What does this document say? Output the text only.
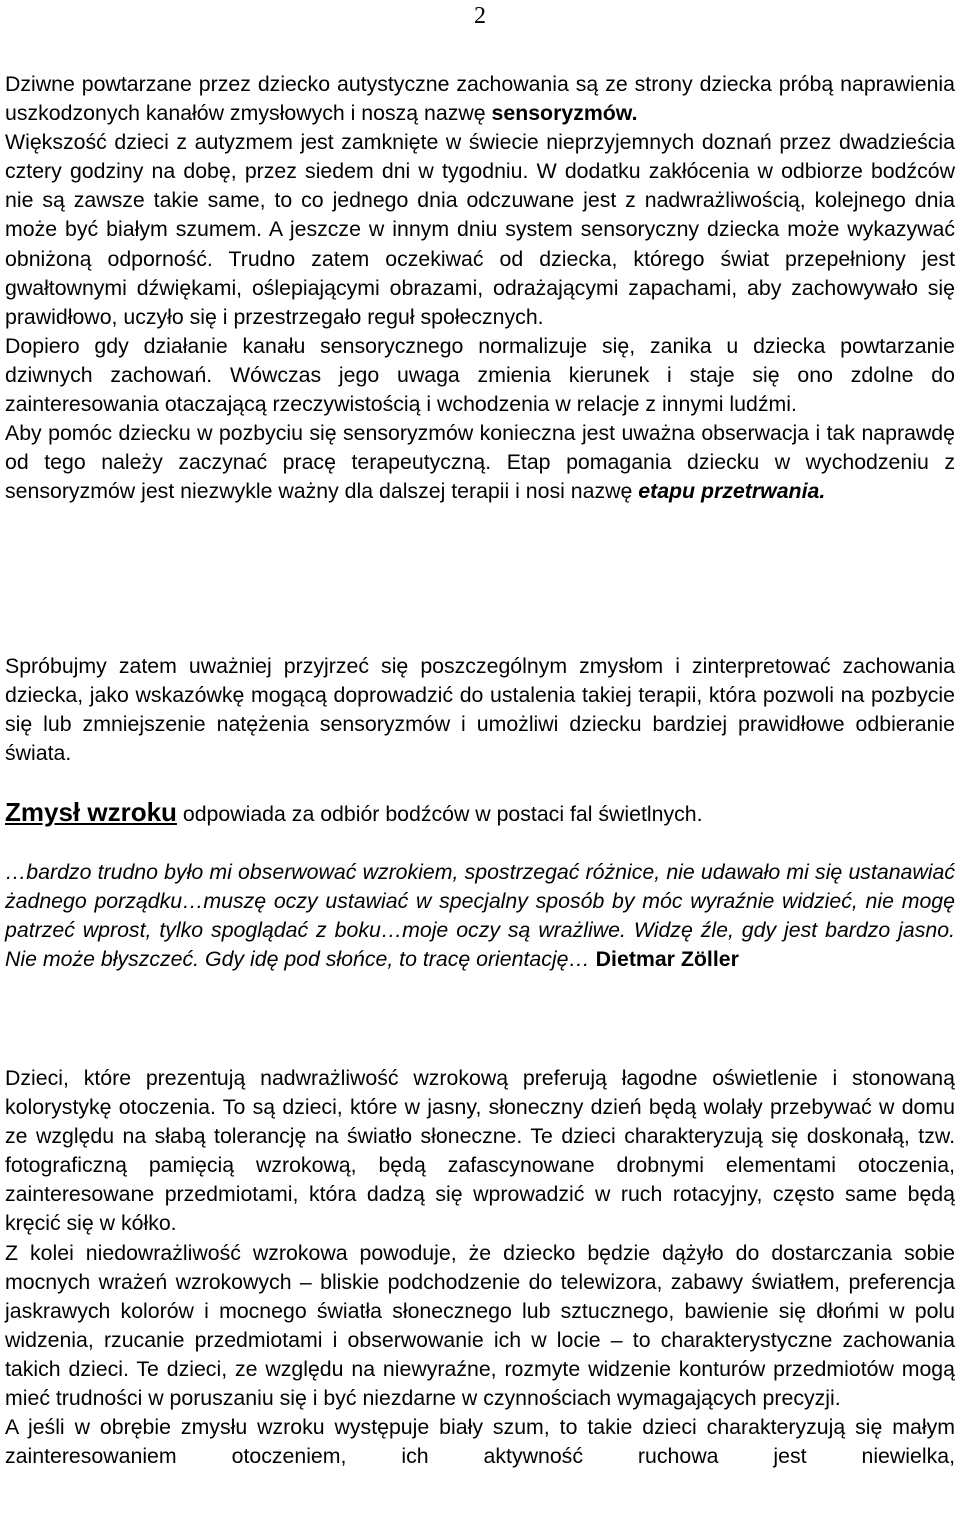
2

Dziwne powtarzane przez dziecko autystyczne zachowania są ze strony dziecka próbą naprawienia uszkodzonych kanałów zmysłowych i noszą nazwę sensoryzmów.

Większość dzieci z autyzmem jest zamknięte w świecie nieprzyjemnych doznań przez dwadzieścia cztery godziny na dobę, przez siedem dni w tygodniu. W dodatku zakłócenia w odbiorze bodźców nie są zawsze takie same, to co jednego dnia odczuwane jest z nadwrażliwością, kolejnego dnia może być białym szumem. A jeszcze w innym dniu system sensoryczny dziecka może wykazywać obniżoną odporność. Trudno zatem oczekiwać od dziecka, którego świat przepełniony jest gwałtownymi dźwiękami, oślepiającymi obrazami, odrażającymi zapachami, aby zachowywało się prawidłowo, uczyło się i przestrzegało reguł społecznych.

Dopiero gdy działanie kanału sensorycznego normalizuje się, zanika u dziecka powtarzanie dziwnych zachowań. Wówczas jego uwaga zmienia kierunek i staje się ono zdolne do zainteresowania otaczającą rzeczywistością i wchodzenia w relacje z innymi ludźmi.

Aby pomóc dziecku w pozbyciu się sensoryzmów konieczna jest uważna obserwacja i tak naprawdę od tego należy zaczynać pracę terapeutyczną. Etap pomagania dziecku w wychodzeniu z sensoryzmów jest niezwykle ważny dla dalszej terapii i nosi nazwę etapu przetrwania.

Spróbujmy zatem uważniej przyjrzeć się poszczególnym zmysłom i zinterpretować zachowania dziecka, jako wskazówkę mogącą doprowadzić do ustalenia takiej terapii, która pozwoli na pozbycie się lub zmniejszenie natężenia sensoryzmów i umożliwi dziecku bardziej prawidłowe odbieranie świata.

Zmysł wzroku odpowiada za odbiór bodźców w postaci fal świetlnych.

…bardzo trudno było mi obserwować wzrokiem, spostrzegać różnice, nie udawało mi się ustanawiać żadnego porządku…muszę oczy ustawiać w specjalny sposób by móc wyraźnie widzieć, nie mogę patrzeć wprost, tylko spoglądać z boku…moje oczy są wrażliwe. Widzę źle, gdy jest bardzo jasno. Nie może błyszczeć. Gdy idę pod słońce, to tracę orientację… Dietmar Zöller

Dzieci, które prezentują nadwrażliwość wzrokową preferują łagodne oświetlenie i stonowaną kolorystykę otoczenia. To są dzieci, które w jasny, słoneczny dzień będą wolały przebywać w domu ze względu na słabą tolerancję na światło słoneczne. Te dzieci charakteryzują się doskonałą, tzw. fotograficzną pamięcią wzrokową, będą zafascynowane drobnymi elementami otoczenia, zainteresowane przedmiotami, która dadzą się wprowadzić w ruch rotacyjny, często same będą kręcić się w kółko.

Z kolei niedowrażliwość wzrokowa powoduje, że dziecko będzie dążyło do dostarczania sobie mocnych wrażeń wzrokowych – bliskie podchodzenie do telewizora, zabawy światłem, preferencja jaskrawych kolorów i mocnego światła słonecznego lub sztucznego, bawienie się dłońmi w polu widzenia, rzucanie przedmiotami i obserwowanie ich w locie – to charakterystyczne zachowania takich dzieci. Te dzieci, ze względu na niewyraźne, rozmyte widzenie konturów przedmiotów mogą mieć trudności w poruszaniu się i być niezdarne w czynnościach wymagających precyzji.

A jeśli w obrębie zmysłu wzroku występuje biały szum, to takie dzieci charakteryzują się małym zainteresowaniem otoczeniem, ich aktywność ruchowa jest niewielka,
